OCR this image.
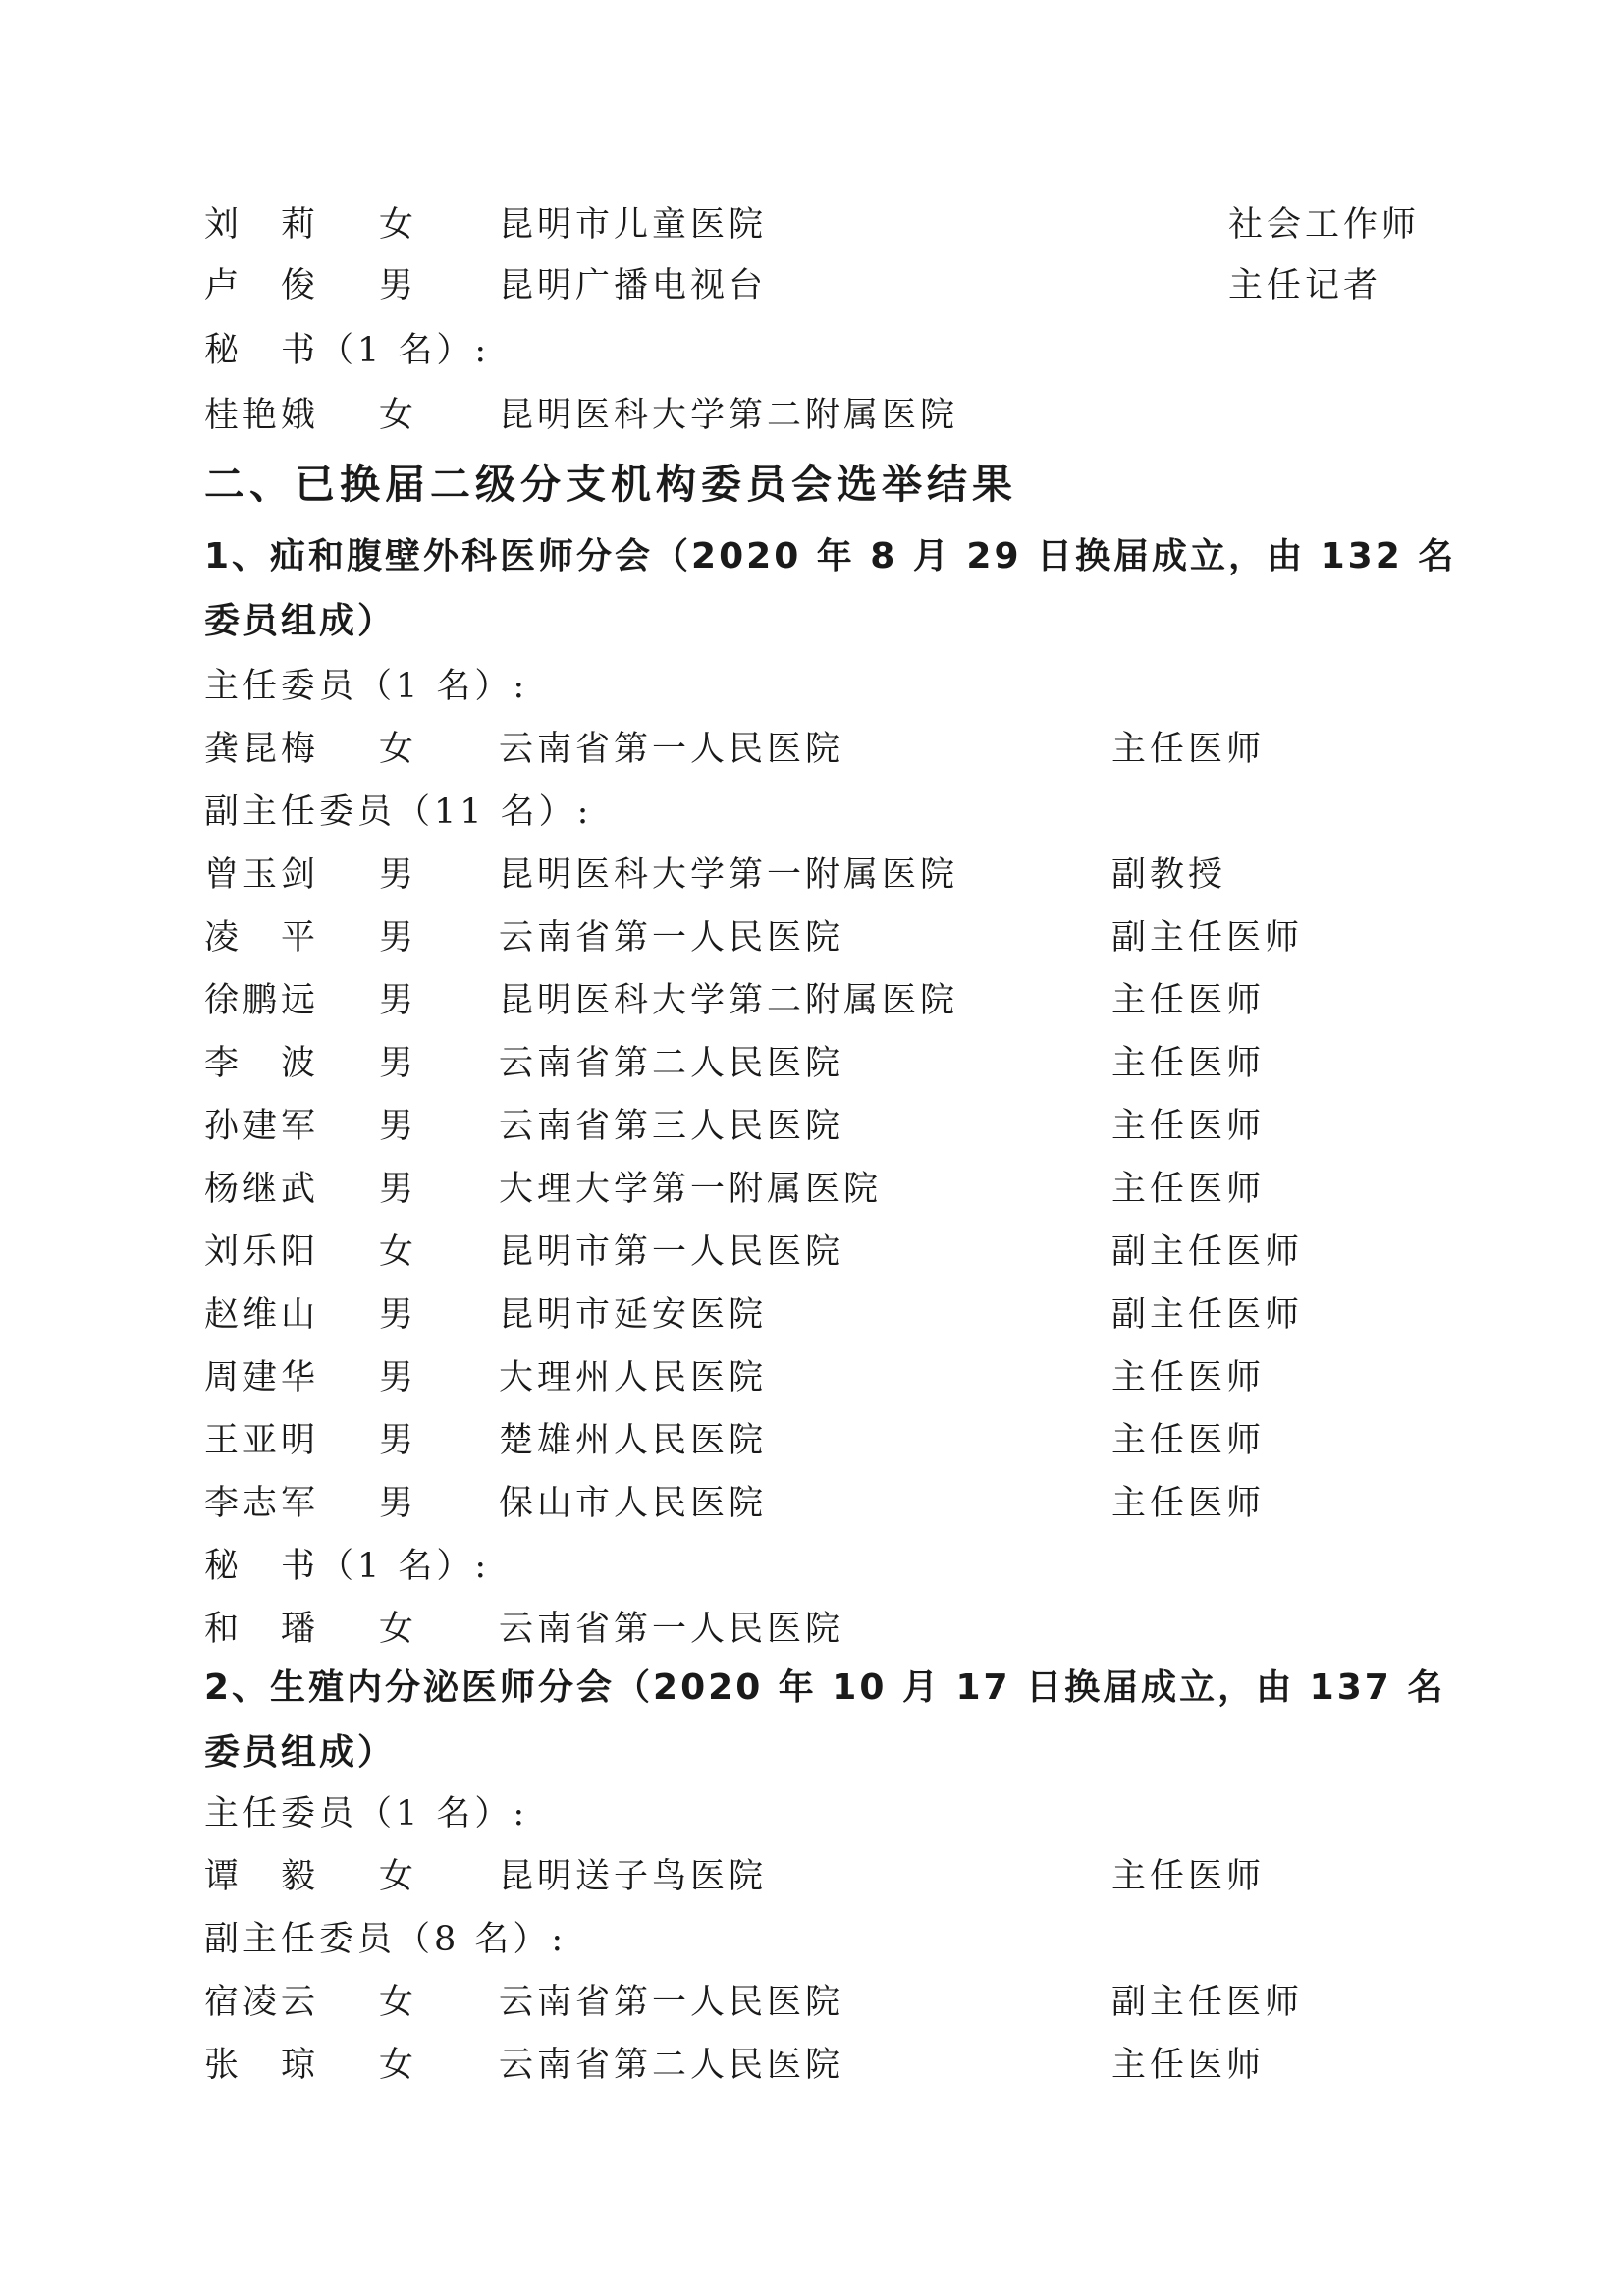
刘　莉 女 昆明市儿童医院	社会工作师
卢　俊 男 昆明广播电视台	主任记者
秘　书（1 名）:
桂艳娥 女 昆明医科大学第二附属医院
二、已换届二级分支机构委员会选举结果
1、疝和腹壁外科医师分会（2020 年 8 月 29 日换届成立，由 132 名
委员组成）
主任委员（1 名）:
龚昆梅 女 云南省第一人民医院	主任医师
副主任委员（11 名）:
曾玉剑 男 昆明医科大学第一附属医院	副教授
凌　平 男 云南省第一人民医院	副主任医师
徐鹏远 男 昆明医科大学第二附属医院	主任医师
李　波 男 云南省第二人民医院	主任医师
孙建军 男 云南省第三人民医院	主任医师
杨继武 男 大理大学第一附属医院	主任医师
刘乐阳 女 昆明市第一人民医院	副主任医师
赵维山 男 昆明市延安医院	副主任医师
周建华 男 大理州人民医院	主任医师
王亚明 男 楚雄州人民医院	主任医师
李志军 男 保山市人民医院	主任医师
秘　书（1 名）:
和　璠 女 云南省第一人民医院
2、生殖内分泌医师分会（2020 年 10 月 17 日换届成立，由 137 名
委员组成）
主任委员（1 名）:
谭　毅 女 昆明送子鸟医院	主任医师
副主任委员（8 名）:
宿凌云 女 云南省第一人民医院	副主任医师
张　琼 女 云南省第二人民医院	主任医师
